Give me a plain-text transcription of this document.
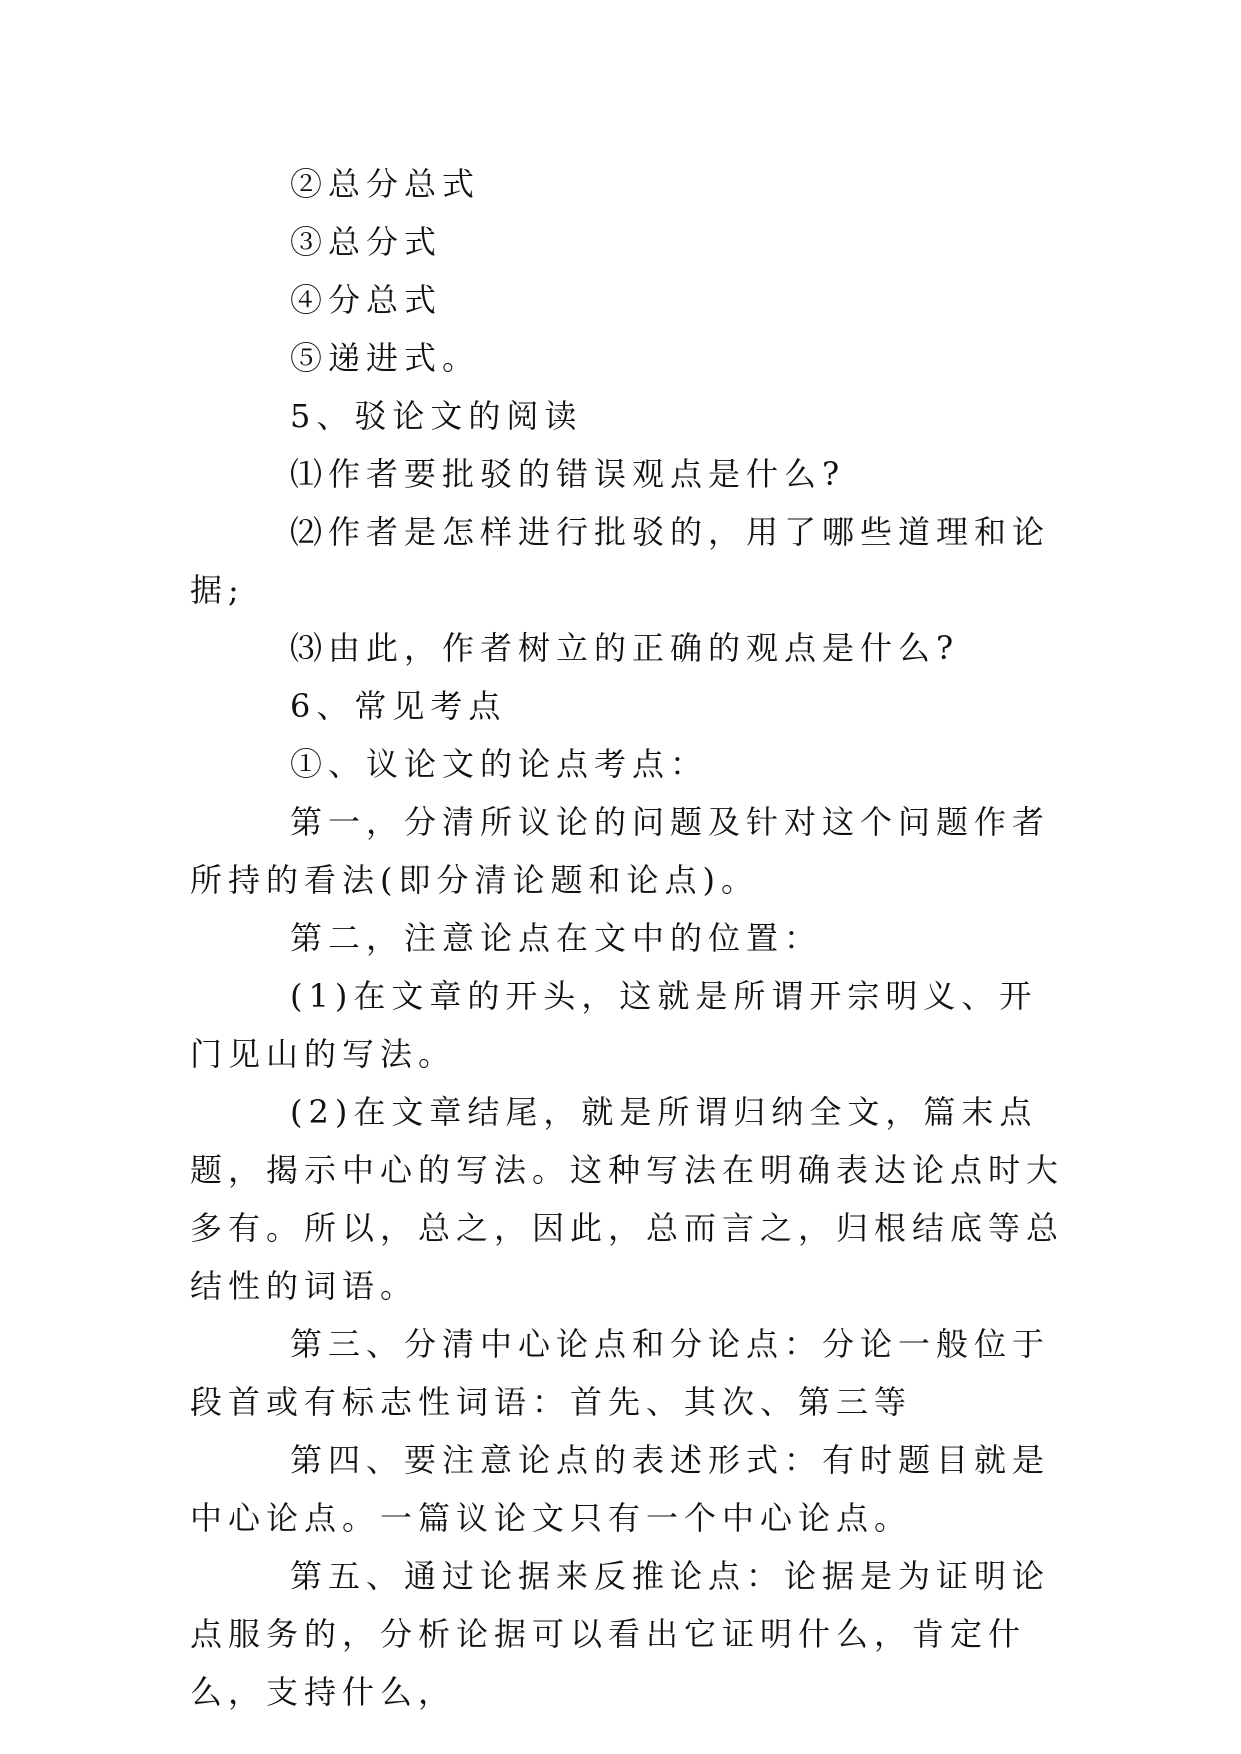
②总分总式

③总分式

④分总式

⑤递进式。

5、驳论文的阅读

⑴作者要批驳的错误观点是什么?

⑵作者是怎样进行批驳的，用了哪些道理和论据;

⑶由此，作者树立的正确的观点是什么?

6、常见考点

①、议论文的论点考点：

第一，分清所议论的问题及针对这个问题作者所持的看法(即分清论题和论点)。

第二，注意论点在文中的位置：

(1)在文章的开头，这就是所谓开宗明义、开门见山的写法。

(2)在文章结尾，就是所谓归纳全文，篇末点题，揭示中心的写法。这种写法在明确表达论点时大多有。所以，总之，因此，总而言之，归根结底等总结性的词语。

第三、分清中心论点和分论点：分论一般位于段首或有标志性词语：首先、其次、第三等

第四、要注意论点的表述形式：有时题目就是中心论点。一篇议论文只有一个中心论点。

第五、通过论据来反推论点：论据是为证明论点服务的，分析论据可以看出它证明什么，肯定什么，支持什么，
